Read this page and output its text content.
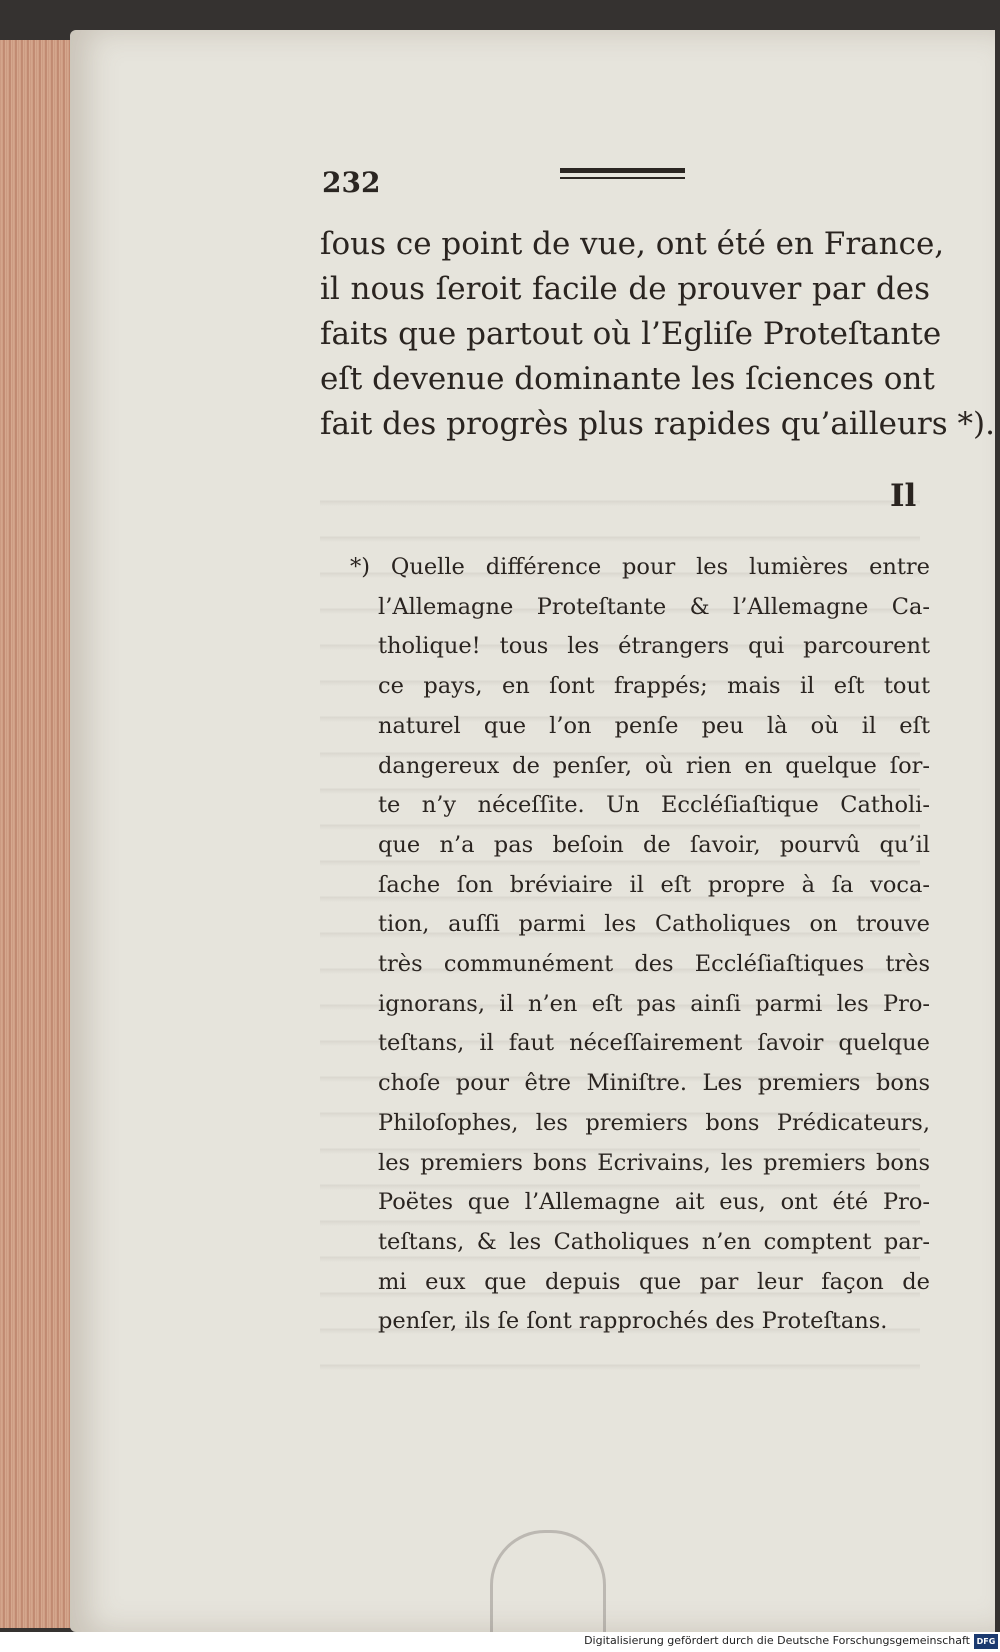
232
ſous ce point de vue, ont été en France,
il nous ſeroit facile de prouver par des
faits que partout où l’Egliſe Proteſtante
eſt devenue dominante les ſciences ont
fait des progrès plus rapides qu’ailleurs *).
Il
*) Quelle différence pour les lumières entre
l’Allemagne Proteſtante & l’Allemagne Ca-
tholique! tous les étrangers qui parcourent
ce pays, en ſont frappés; mais il eſt tout
naturel que l’on penſe peu là où il eſt
dangereux de penſer, où rien en quelque ſor-
te n’y néceſſite. Un Eccléſiaſtique Catholi-
que n’a pas beſoin de ſavoir, pourvû qu’il
ſache ſon bréviaire il eſt propre à ſa voca-
tion, auſſi parmi les Catholiques on trouve
très communément des Eccléſiaſtiques très
ignorans, il n’en eſt pas ainſi parmi les Pro-
teſtans, il faut néceſſairement ſavoir quelque
choſe pour être Miniſtre. Les premiers bons
Philoſophes, les premiers bons Prédicateurs,
les premiers bons Ecrivains, les premiers bons
Poëtes que l’Allemagne ait eus, ont été Pro-
teſtans, & les Catholiques n’en comptent par-
mi eux que depuis que par leur façon de
penſer, ils ſe ſont rapprochés des Proteſtans.
Digitalisierung gefördert durch die Deutsche Forschungsgemeinschaft DFG
